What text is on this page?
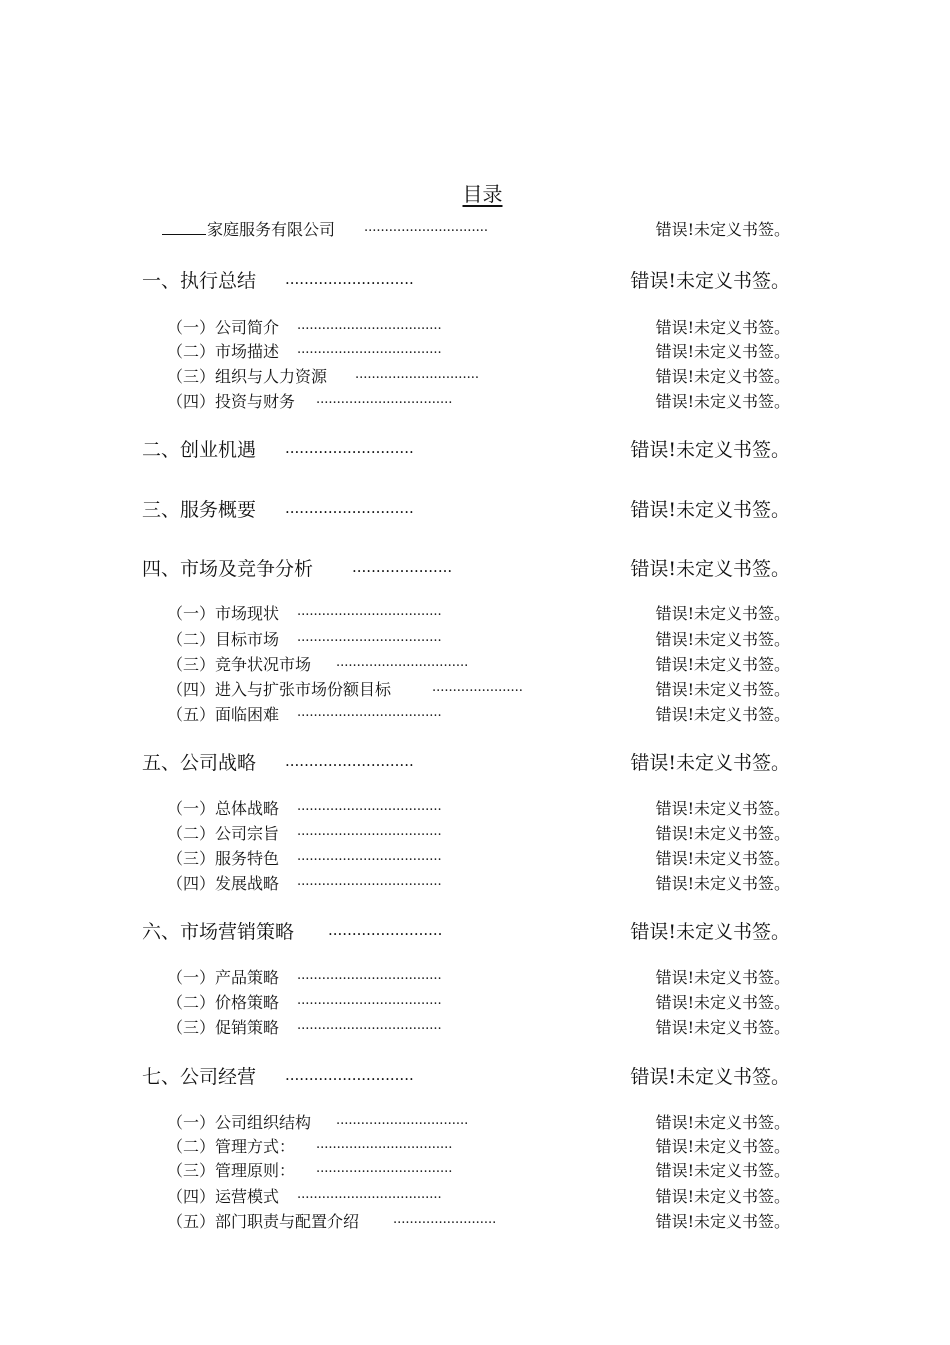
目录
家庭服务有限公司 ..............................	错误!未定义书签。
一、执行总结 ...........................	错误!未定义书签。
（一）公司简介 ...................................	错误!未定义书签。
（二）市场描述 ...................................	错误!未定义书签。
（三）组织与人力资源 ..............................	错误!未定义书签。
（四）投资与财务 .................................	错误!未定义书签。
二、创业机遇 ...........................	错误!未定义书签。
三、服务概要 ...........................	错误!未定义书签。
四、市场及竞争分析	.....................	错误!未定义书签。
（一）市场现状 ...................................	错误!未定义书签。
（二）目标市场 ...................................	错误!未定义书签。
（三）竞争状况市场 ................................	错误!未定义书签。
（四）进入与扩张市场份额目标	......................	错误!未定义书签。
（五）面临困难 ...................................	错误!未定义书签。
五、公司战略 ...........................	错误!未定义书签。
（一）总体战略 ...................................	错误!未定义书签。
（二）公司宗旨 ...................................	错误!未定义书签。
（三）服务特色 ...................................	错误!未定义书签。
（四）发展战略 ...................................	错误!未定义书签。
六、市场营销策略 ........................	错误!未定义书签。
（一）产品策略 ...................................	错误!未定义书签。
（二）价格策略 ...................................	错误!未定义书签。
（三）促销策略 ...................................	错误!未定义书签。
七、公司经营 ...........................	错误!未定义书签。
（一）公司组织结构 ................................	错误!未定义书签。
（二）管理方式： .................................	错误!未定义书签。
（三）管理原则： .................................	错误!未定义书签。
（四）运营模式 ...................................	错误!未定义书签。
（五）部门职责与配置介绍	.........................	错误!未定义书签。
